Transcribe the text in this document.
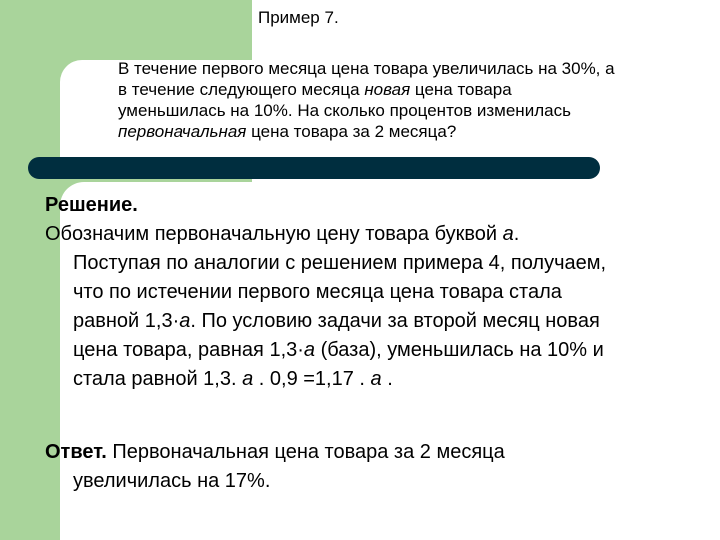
Пример 7.

В течение первого месяца цена товара увеличилась на 30%, а

в течение следующего месяца новая цена товара

уменьшилась на 10%. На сколько процентов изменилась

первоначальная цена товара за 2 месяца?

Решение.
Обозначим первоначальную цену товара буквой а.
Поступая по аналогии с решением примера 4, получаем,
что по истечении первого месяца цена товара стала
равной 1,3·а. По условию задачи за второй месяц новая
цена товара, равная 1,3·а (база), уменьшилась на 10% и
стала равной 1,3. а . 0,9 =1,17 . а .
Ответ. Первоначальная цена товара за 2 месяца
увеличилась на 17%.
